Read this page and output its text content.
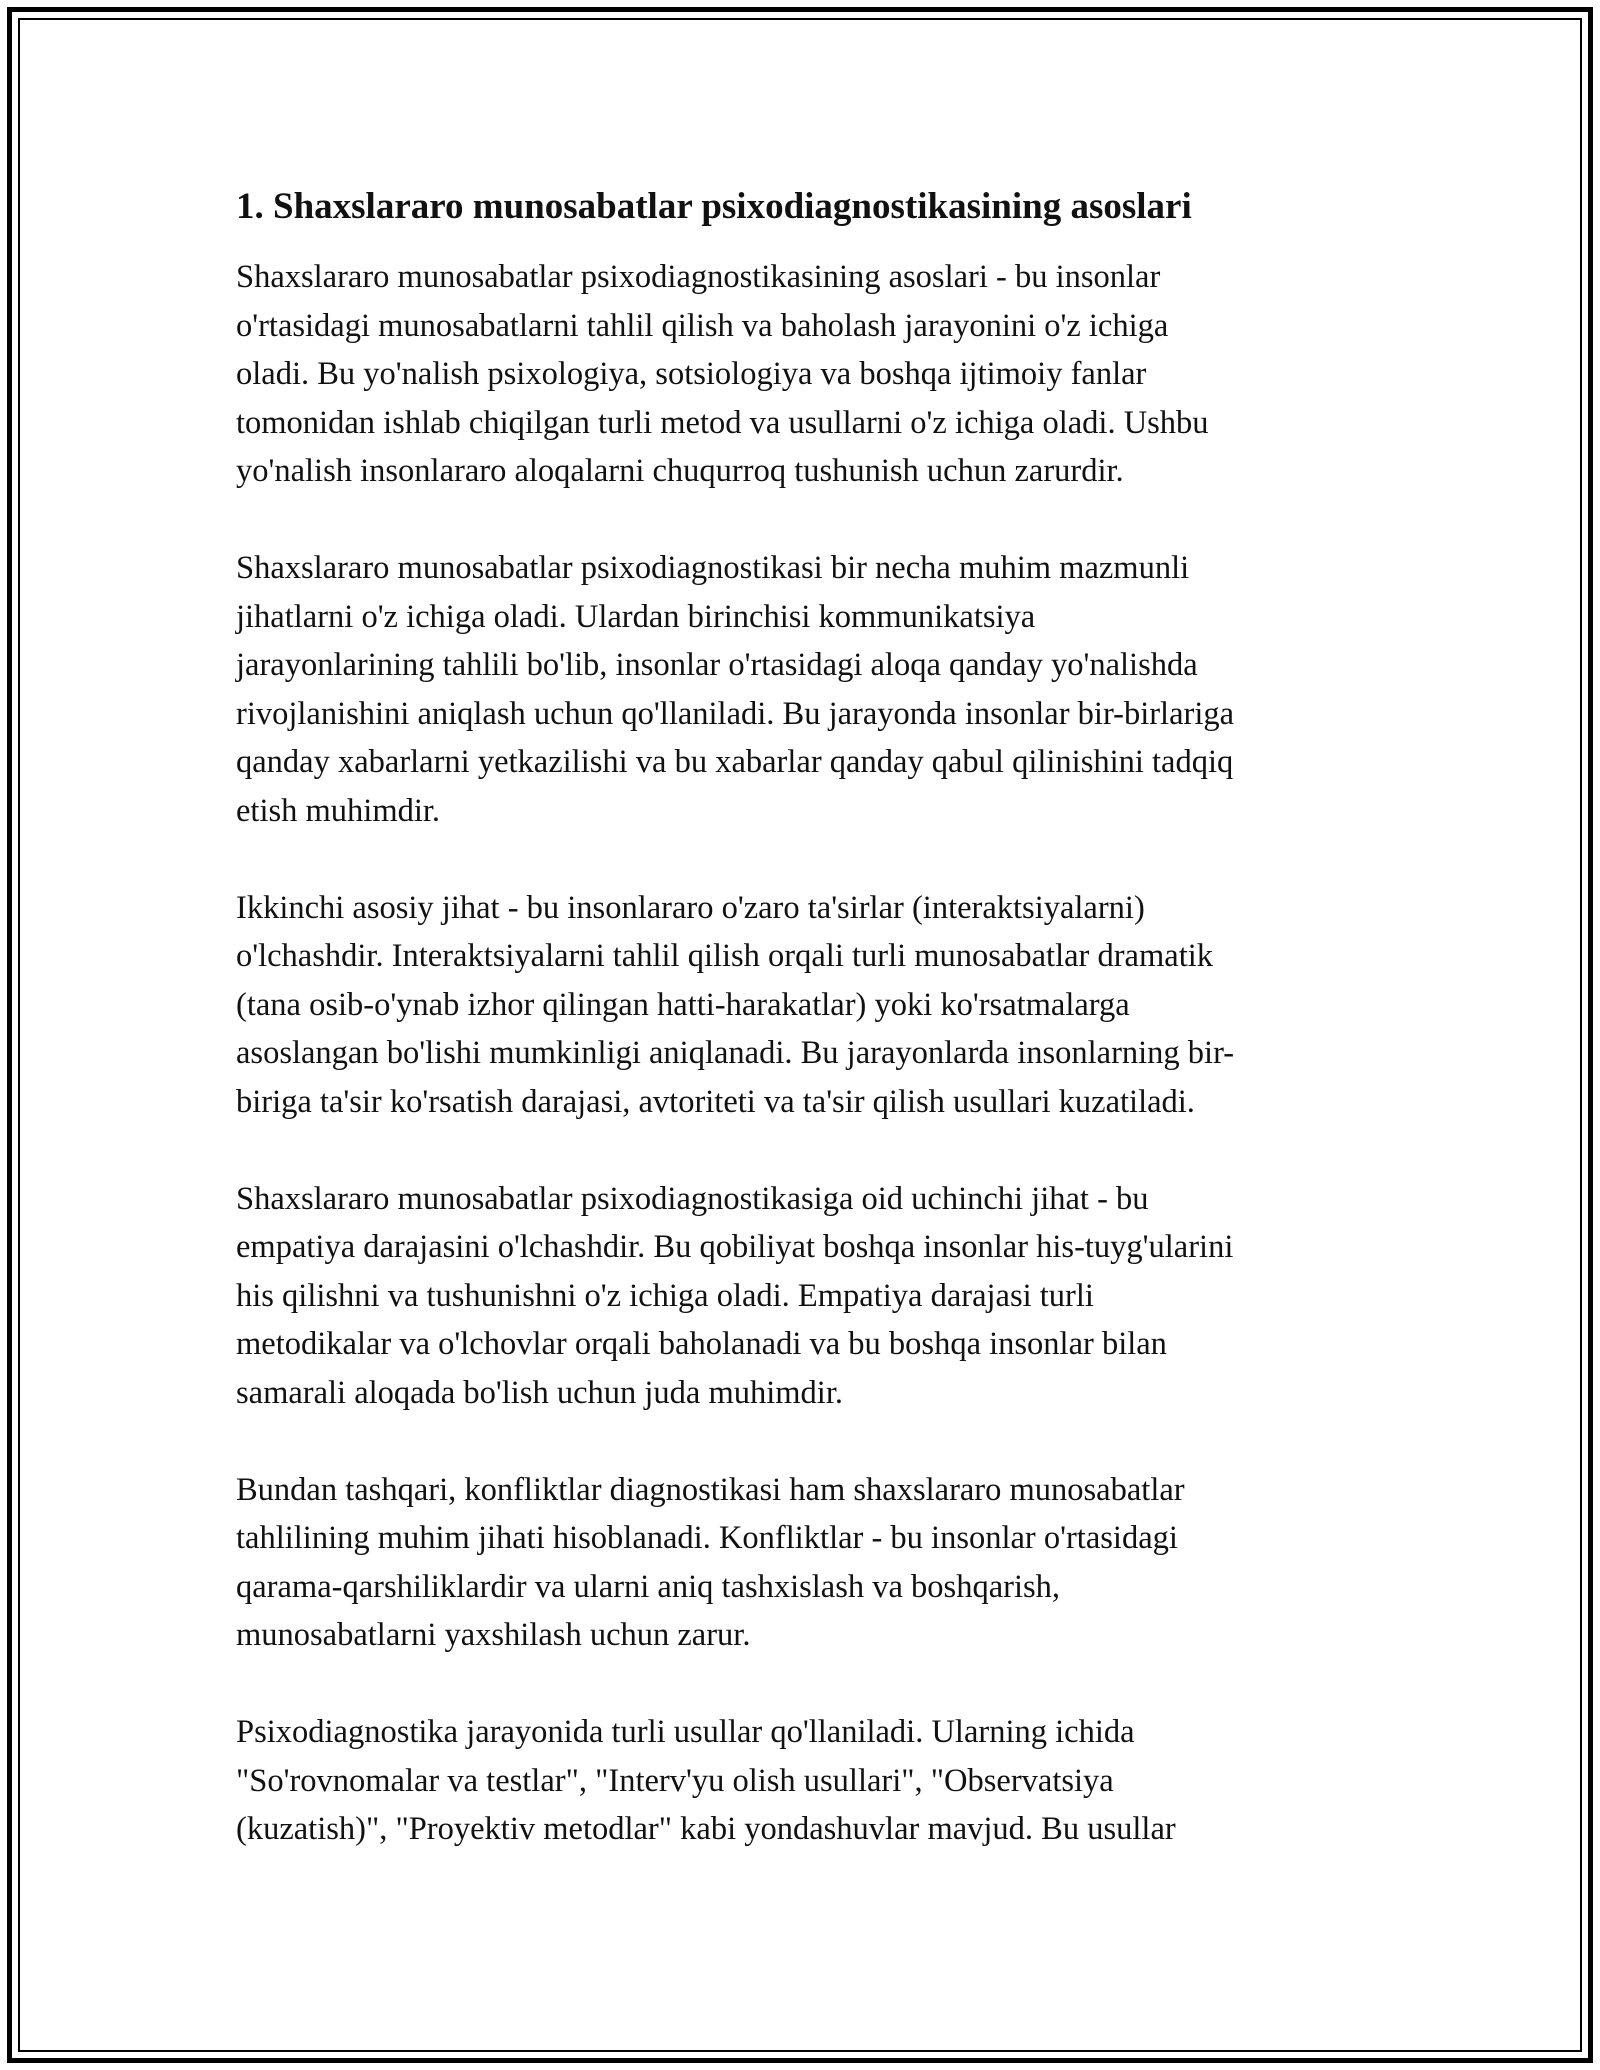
1. Shaxslararo munosabatlar psixodiagnostikasining asoslari

Shaxslararo munosabatlar psixodiagnostikasining asoslari - bu insonlar
o'rtasidagi munosabatlarni tahlil qilish va baholash jarayonini o'z ichiga
oladi. Bu yo'nalish psixologiya, sotsiologiya va boshqa ijtimoiy fanlar
tomonidan ishlab chiqilgan turli metod va usullarni o'z ichiga oladi. Ushbu
yo'nalish insonlararo aloqalarni chuqurroq tushunish uchun zarurdir.

Shaxslararo munosabatlar psixodiagnostikasi bir necha muhim mazmunli
jihatlarni o'z ichiga oladi. Ulardan birinchisi kommunikatsiya
jarayonlarining tahlili bo'lib, insonlar o'rtasidagi aloqa qanday yo'nalishda
rivojlanishini aniqlash uchun qo'llaniladi. Bu jarayonda insonlar bir-birlariga
qanday xabarlarni yetkazilishi va bu xabarlar qanday qabul qilinishini tadqiq
etish muhimdir.

Ikkinchi asosiy jihat - bu insonlararo o'zaro ta'sirlar (interaktsiyalarni)
o'lchashdir. Interaktsiyalarni tahlil qilish orqali turli munosabatlar dramatik
(tana osib-o'ynab izhor qilingan hatti-harakatlar) yoki ko'rsatmalarga
asoslangan bo'lishi mumkinligi aniqlanadi. Bu jarayonlarda insonlarning bir-
biriga ta'sir ko'rsatish darajasi, avtoriteti va ta'sir qilish usullari kuzatiladi.

Shaxslararo munosabatlar psixodiagnostikasiga oid uchinchi jihat - bu
empatiya darajasini o'lchashdir. Bu qobiliyat boshqa insonlar his-tuyg'ularini
his qilishni va tushunishni o'z ichiga oladi. Empatiya darajasi turli
metodikalar va o'lchovlar orqali baholanadi va bu boshqa insonlar bilan
samarali aloqada bo'lish uchun juda muhimdir.

Bundan tashqari, konfliktlar diagnostikasi ham shaxslararo munosabatlar
tahlilining muhim jihati hisoblanadi. Konfliktlar - bu insonlar o'rtasidagi
qarama-qarshiliklardir va ularni aniq tashxislash va boshqarish,
munosabatlarni yaxshilash uchun zarur.

Psixodiagnostika jarayonida turli usullar qo'llaniladi. Ularning ichida
"So'rovnomalar va testlar", "Interv'yu olish usullari", "Observatsiya
(kuzatish)", "Proyektiv metodlar" kabi yondashuvlar mavjud. Bu usullar
